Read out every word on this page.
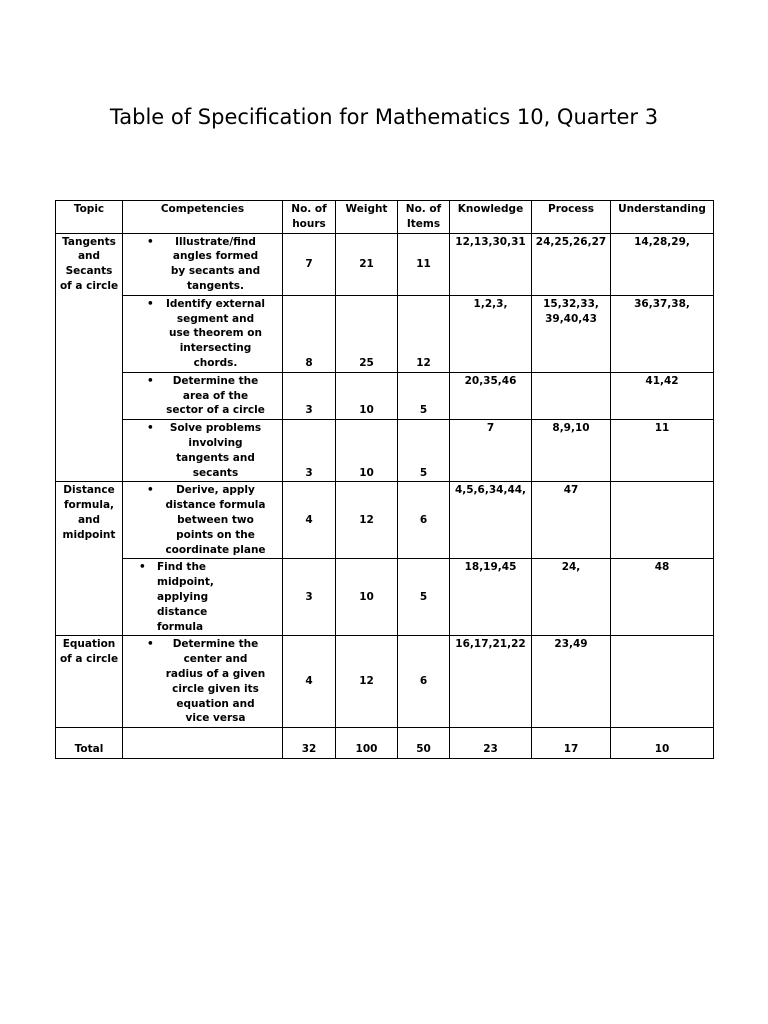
Table of Specification for Mathematics 10, Quarter 3
Topic	Competencies	No. of hours	Weight	No. of Items	Knowledge	Process	Understanding
Tangents and Secants of a circle	• Illustrate/find angles formed by secants and tangents.	7	21	11	12,13,30,31	24,25,26,27	14,28,29,

	• Identify external segment and use theorem on intersecting chords.	8	25	12	1,2,3,	15,32,33, 39,40,43	36,37,38,

	• Determine the area of the sector of a circle	3	10	5	20,35,46		41,42

	• Solve problems involving tangents and secants	3	10	5	7	8,9,10	11
Distance formula, and midpoint	• Derive, apply distance formula between two points on the coordinate plane	4	12	6	4,5,6,34,44,	47	

	• Find the midpoint, applying distance formula	3	10	5	18,19,45	24,	48
Equation of a circle	• Determine the center and radius of a given circle given its equation and vice versa	4	12	6	16,17,21,22	23,49	
Total		32	100	50	23	17	10
